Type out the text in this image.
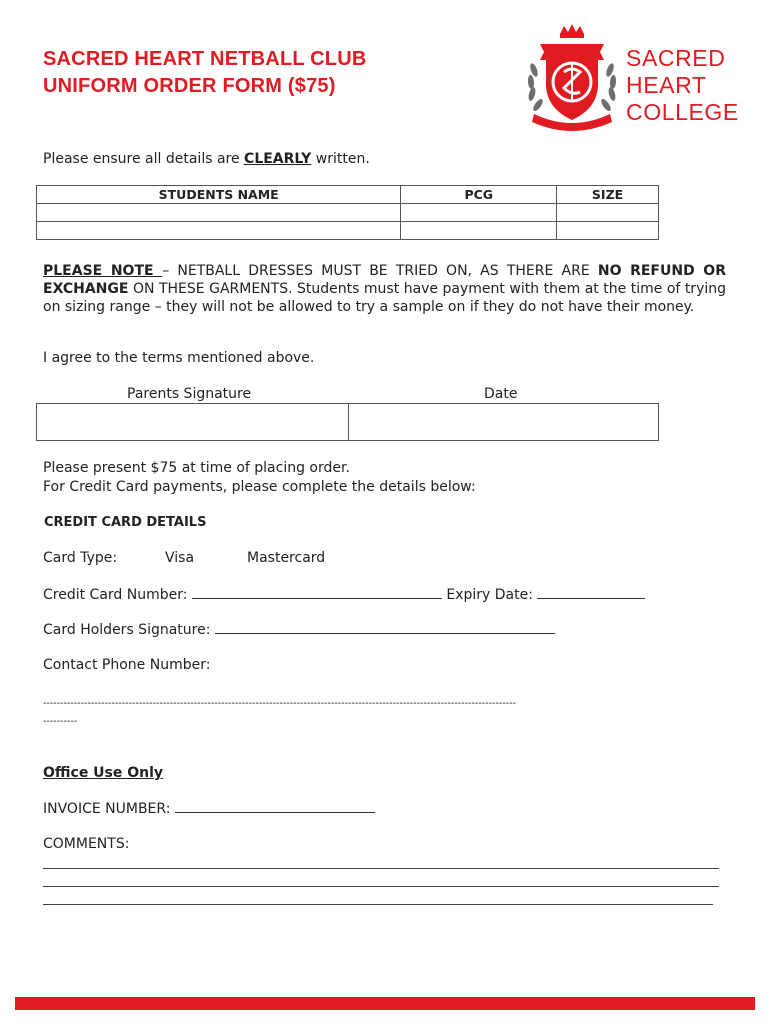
SACRED HEART NETBALL CLUB
UNIFORM ORDER FORM ($75)
SACRED
HEART
COLLEGE
Please ensure all details are CLEARLY written.
STUDENTS NAME	PCG	SIZE

PLEASE NOTE – NETBALL DRESSES MUST BE TRIED ON, AS THERE ARE NO REFUND OR EXCHANGE ON THESE GARMENTS. Students must have payment with them at the time of trying on sizing range – they will not be allowed to try a sample on if they do not have their money.
I agree to the terms mentioned above.
Parents Signature	Date
Please present $75 at time of placing order.
For Credit Card payments, please complete the details below:
CREDIT CARD DETAILS
Card Type:	Visa	Mastercard
Credit Card Number:	Expiry Date:
Card Holders Signature:
Contact Phone Number:
------------------------------------------------------------------------------------------------------------------------------------------
----------
Office Use Only
INVOICE NUMBER:
COMMENTS:
